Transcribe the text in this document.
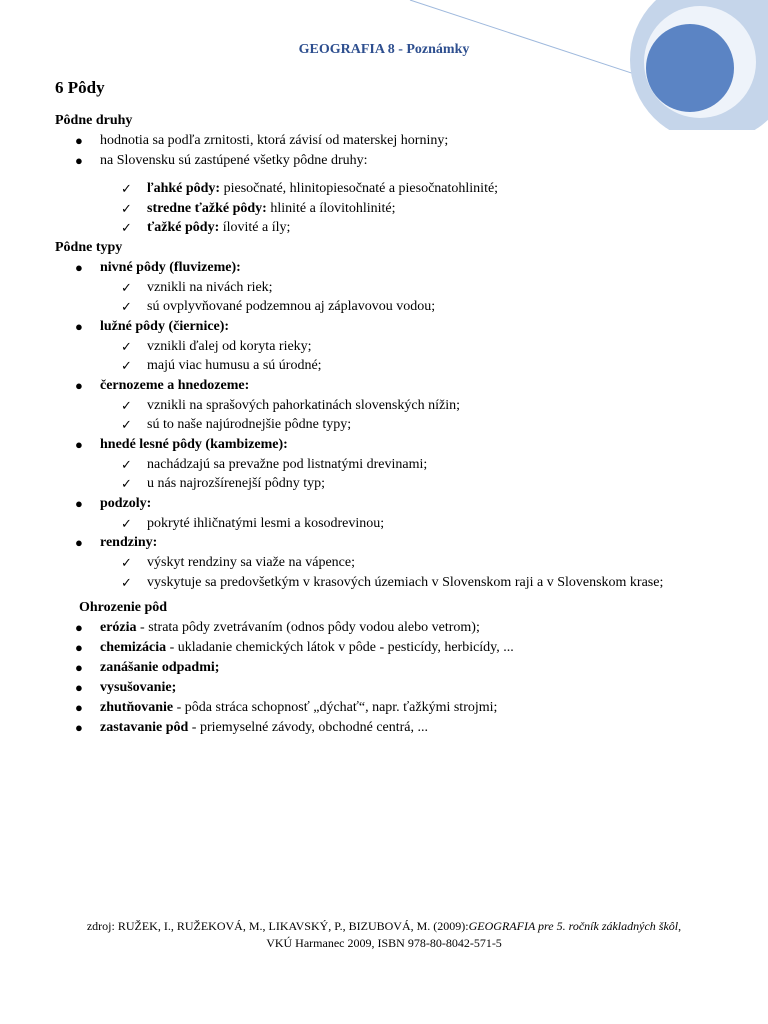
GEOGRAFIA 8 - Poznámky
6 Pôdy
Pôdne druhy
● hodnotia sa podľa zrnitosti, ktorá závisí od materskej horniny;
● na Slovensku sú zastúpené všetky pôdne druhy:
✓ ľahké pôdy: piesočnaté, hlinitopiesočnaté a piesočnatohlinité;
✓ stredne ťažké pôdy: hlinité a ílovitohlinité;
✓ ťažké pôdy: ílovité a íly;
Pôdne typy
● nivné pôdy (fluvizeme):
✓ vznikli na nivách riek;
✓ sú ovplyvňované podzemnou aj záplavovou vodou;
● lužné pôdy (čiernice):
✓ vznikli ďalej od koryta rieky;
✓ majú viac humusu a sú úrodné;
● černozeme a hnedozeme:
✓ vznikli na sprašových pahorkatinách slovenských nížin;
✓ sú to naše najúrodnejšie pôdne typy;
● hnedé lesné pôdy (kambizeme):
✓ nachádzajú sa prevažne pod listnatými drevinami;
✓ u nás najrozšírenejší pôdny typ;
● podzoly:
✓ pokryté ihličnatými lesmi a kosodrevinou;
● rendziny:
✓ výskyt rendziny sa viaže na vápence;
✓ vyskytuje sa predovšetkým v krasových územiach v Slovenskom raji a v Slovenskom krase;
Ohrozenie pôd
● erózia - strata pôdy zvetrávaním (odnos pôdy vodou alebo vetrom);
● chemizácia - ukladanie chemických látok v pôde - pesticídy, herbicídy, ...
● zanášanie odpadmi;
● vysušovanie;
● zhutňovanie - pôda stráca schopnosť „dýchať“, napr. ťažkými strojmi;
● zastavanie pôd - priemyselné závody, obchodné centrá, ...
zdroj: RUŽEK, I., RUŽEKOVÁ, M., LIKAVSKÝ, P., BIZUBOVÁ, M. (2009):GEOGRAFIA pre 5. ročník základných škôl,
VKÚ Harmanec 2009, ISBN 978-80-8042-571-5
